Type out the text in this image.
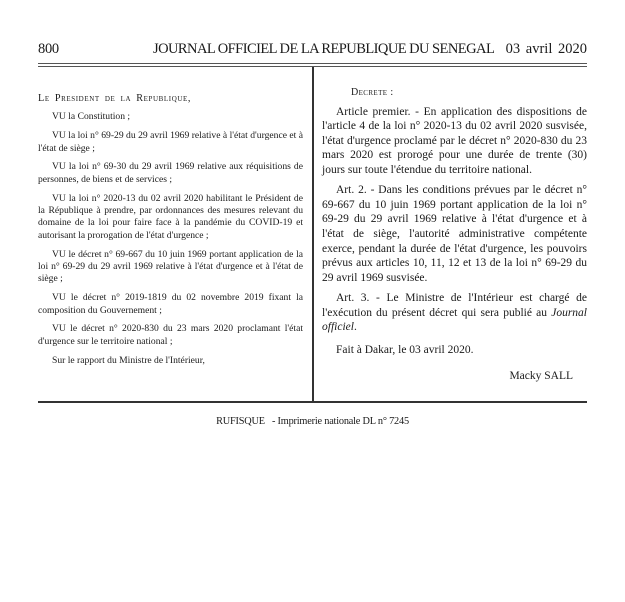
800	JOURNAL OFFICIEL DE LA REPUBLIQUE DU SENEGAL 03 avril 2020

Le President de la Republique,

VU la Constitution ;

VU la loi n° 69-29 du 29 avril 1969 relative à l'état d'urgence et à l'état de siège ;

VU la loi n° 69-30 du 29 avril 1969 relative aux réquisitions de personnes, de biens et de services ;

VU la loi n° 2020-13 du 02 avril 2020 habilitant le Président de la République à prendre, par ordonnances des mesures relevant du domaine de la loi pour faire face à la pandémie du COVID-19 et autorisant la prorogation de l'état d'urgence ;

VU le décret n° 69-667 du 10 juin 1969 portant application de la loi n° 69-29 du 29 avril 1969 relative à l'état d'urgence et à l'état de siège ;

VU le décret n° 2019-1819 du 02 novembre 2019 fixant la composition du Gouvernement ;

VU le décret n° 2020-830 du 23 mars 2020 proclamant l'état d'urgence sur le territoire national ;

Sur le rapport du Ministre de l'Intérieur,

Decrete :

Article premier. - En application des dispositions de l'article 4 de la loi n° 2020-13 du 02 avril 2020 susvisée, l'état d'urgence proclamé par le décret n° 2020-830 du 23 mars 2020 est prorogé pour une durée de trente (30) jours sur toute l'étendue du territoire national.

Art. 2. - Dans les conditions prévues par le décret n° 69-667 du 10 juin 1969 portant application de la loi n° 69-29 du 29 avril 1969 relative à l'état d'urgence et à l'état de siège, l'autorité administrative compétente exerce, pendant la durée de l'état d'urgence, les pouvoirs prévus aux articles 10, 11, 12 et 13 de la loi n° 69-29 du 29 avril 1969 susvisée.

Art. 3. - Le Ministre de l'Intérieur est chargé de l'exécution du présent décret qui sera publié au Journal officiel.

Fait à Dakar, le 03 avril 2020.

Macky SALL

RUFISQUE   - Imprimerie nationale DL n° 7245
